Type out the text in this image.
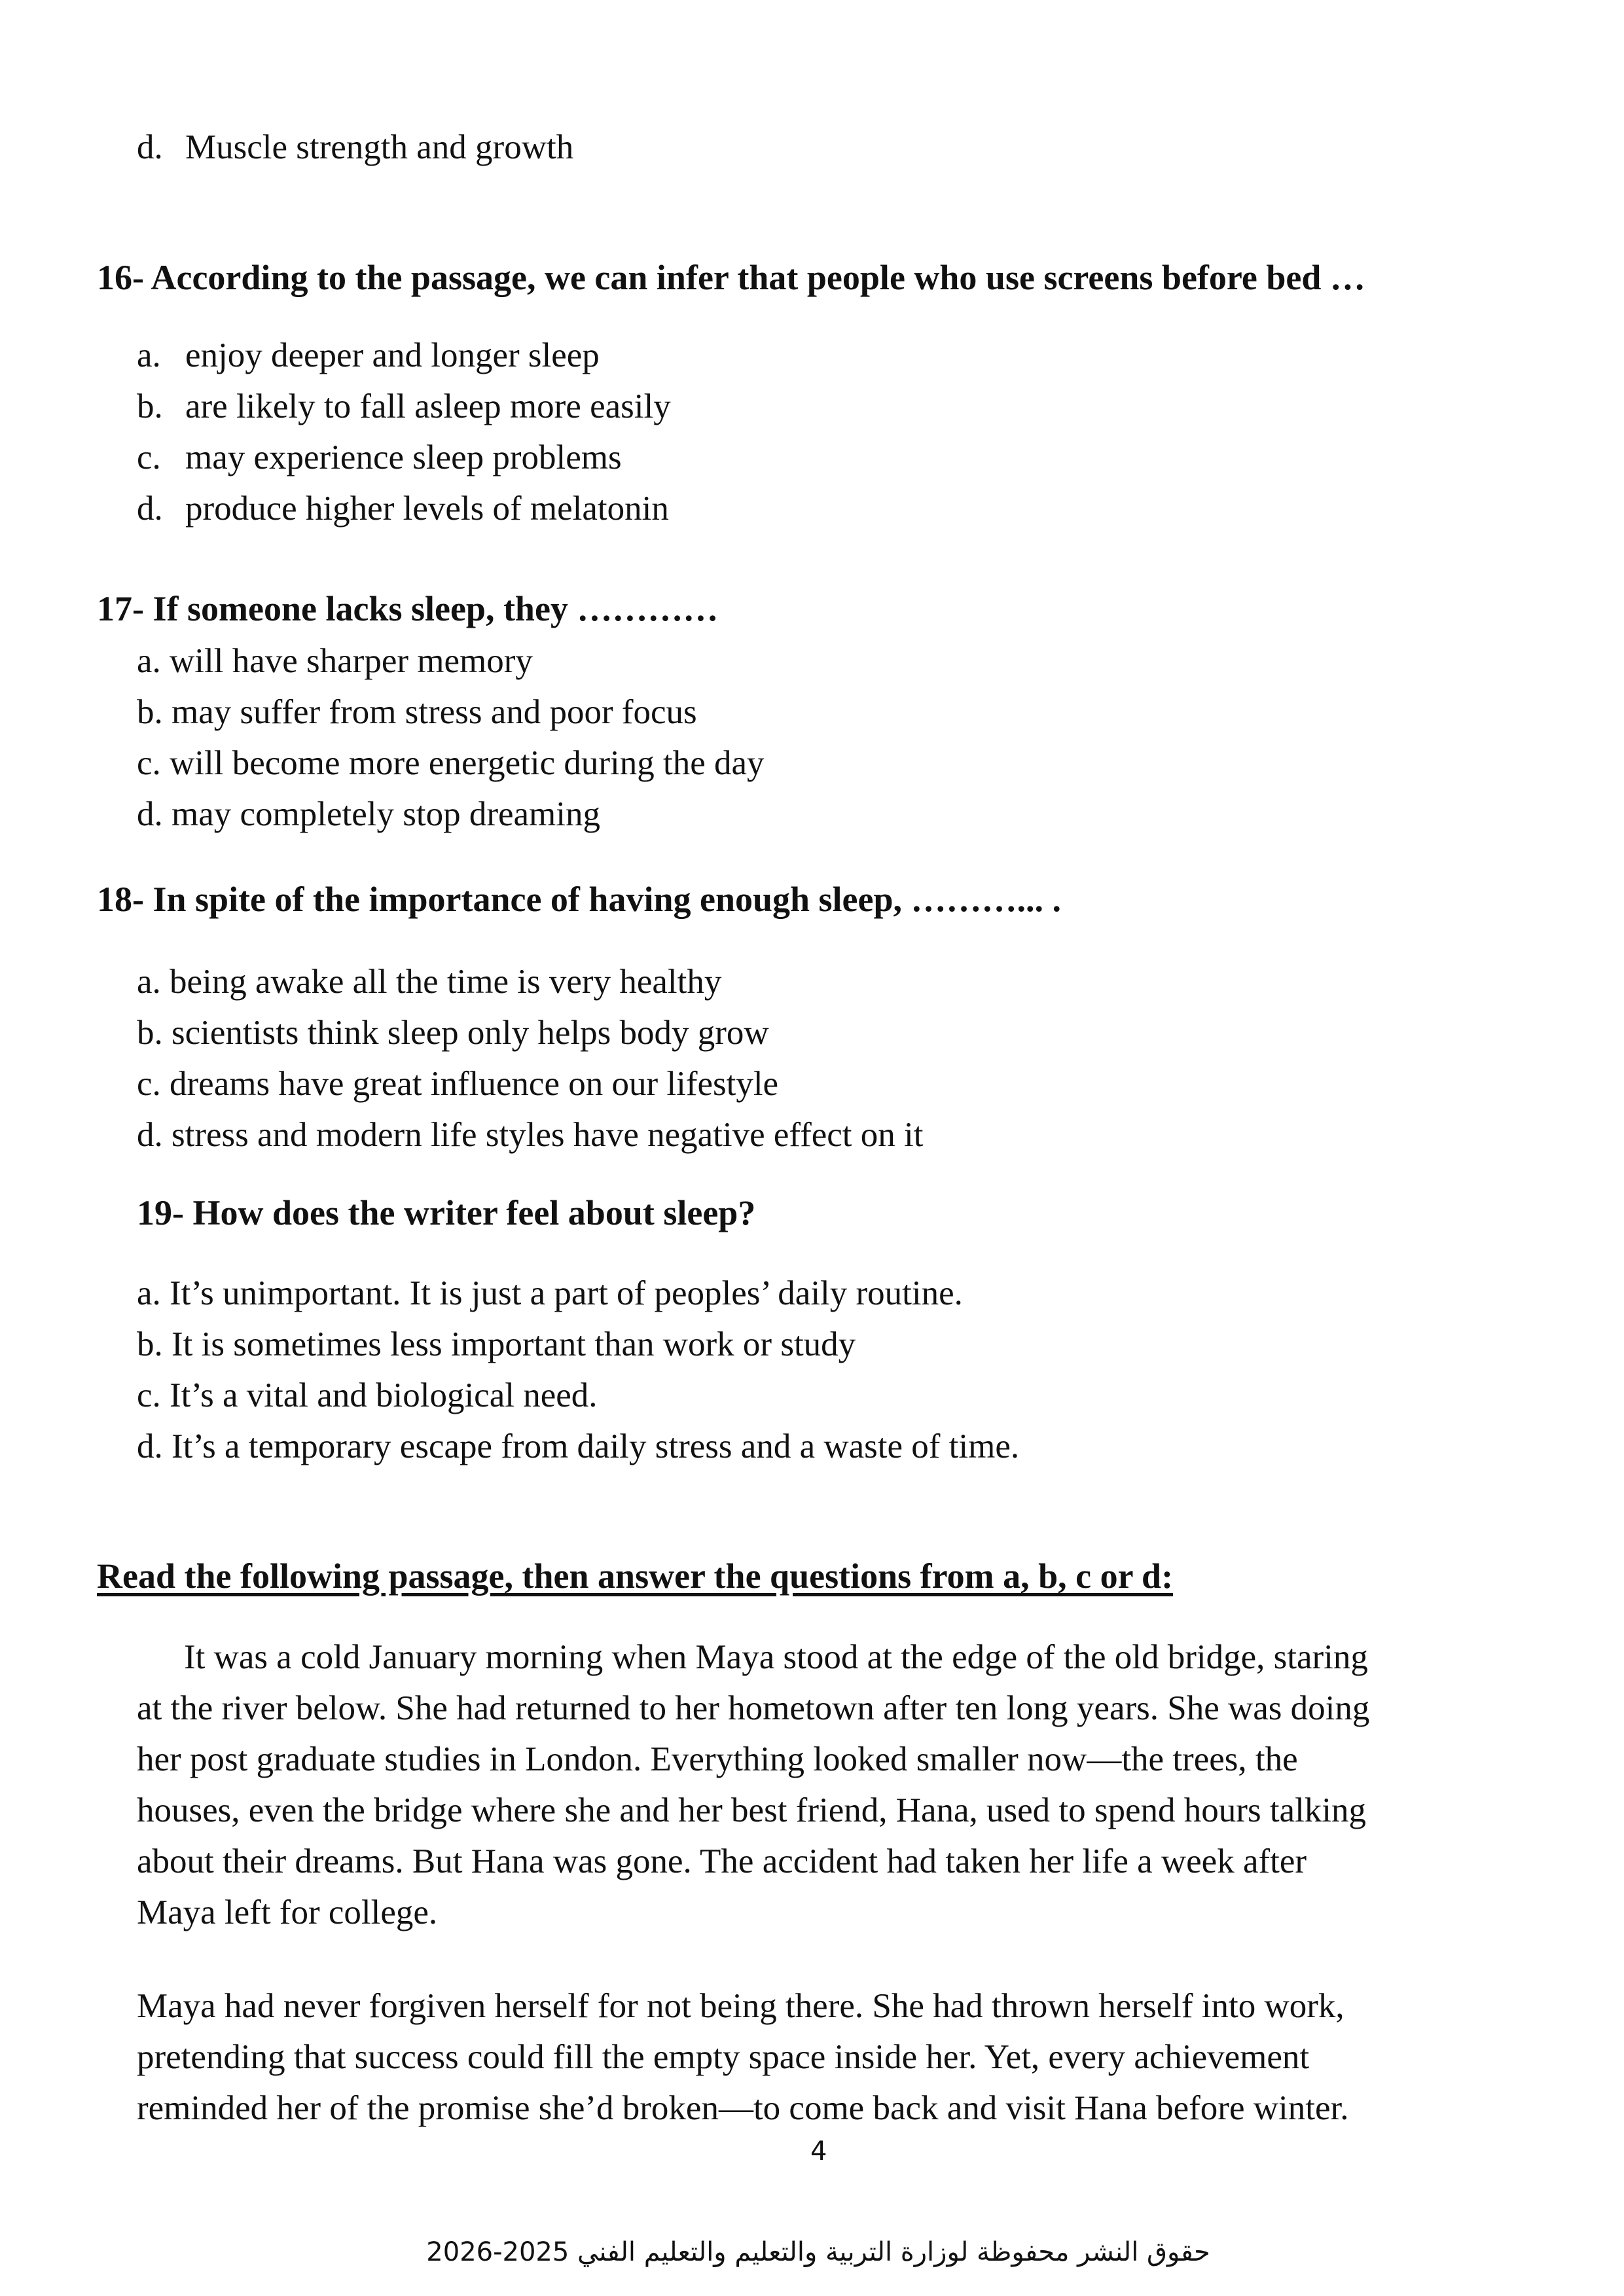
d. Muscle strength and growth
16- According to the passage, we can infer that people who use screens before bed …
a. enjoy deeper and longer sleep
b. are likely to fall asleep more easily
c. may experience sleep problems
d. produce higher levels of melatonin
17- If someone lacks sleep, they …………
a. will have sharper memory
b. may suffer from stress and poor focus
c. will become more energetic during the day
d. may completely stop dreaming
18- In spite of the importance of having enough sleep, ………... .
a. being awake all the time is very healthy
b. scientists think sleep only helps body grow
c. dreams have great influence on our lifestyle
d. stress and modern life styles have negative effect on it
19- How does the writer feel about sleep?
a. It’s unimportant. It is just a part of peoples’ daily routine.
b. It is sometimes less important than work or study
c. It’s a vital and biological need.
d. It’s a temporary escape from daily stress and a waste of time.
Read the following passage, then answer the questions from a, b, c or d:
It was a cold January morning when Maya stood at the edge of the old bridge, staring
at the river below. She had returned to her hometown after ten long years. She was doing
her post graduate studies in London. Everything looked smaller now—the trees, the
houses, even the bridge where she and her best friend, Hana, used to spend hours talking
about their dreams. But Hana was gone. The accident had taken her life a week after
Maya left for college.
Maya had never forgiven herself for not being there. She had thrown herself into work,
pretending that success could fill the empty space inside her. Yet, every achievement
reminded her of the promise she’d broken—to come back and visit Hana before winter.
4
حقوق النشر محفوظة لوزارة التربية والتعليم والتعليم الفني 2025-2026
